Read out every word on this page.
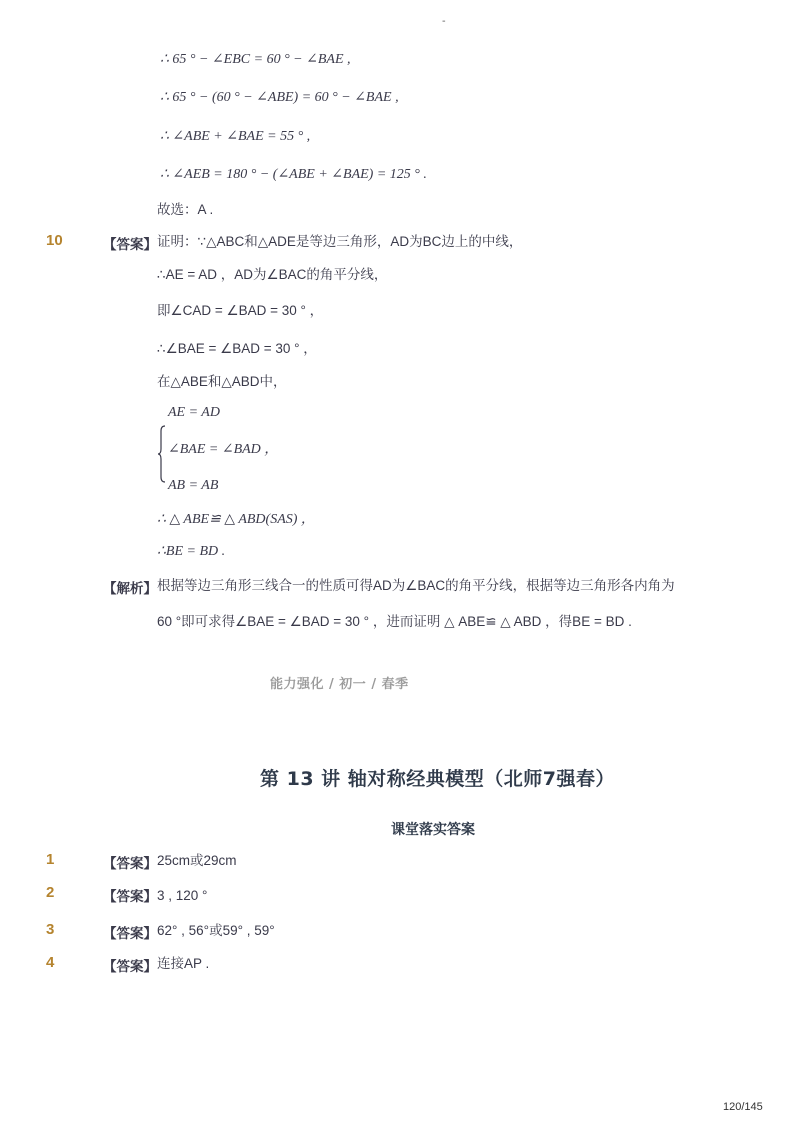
-
∴ 65 ° − ∠EBC = 60 ° − ∠BAE ,
∴ 65 ° − (60 ° − ∠ABE) = 60 ° − ∠BAE ,
∴ ∠ABE + ∠BAE = 55 ° ,
∴ ∠AEB = 180 ° − (∠ABE + ∠BAE) = 125 ° .
故选：A .
10	【答案】 证明：∵△ABC和△ADE是等边三角形，AD为BC边上的中线，
∴AE = AD ，AD为∠BAC的角平分线，
即∠CAD = ∠BAD = 30 ° ，
∴∠BAE = ∠BAD = 30 ° ，
在△ABE和△ABD中，
AE = AD
∠BAE = ∠BAD ，
AB = AB
∴ △ ABE≌ △ ABD(SAS) ，
∴BE = BD .
【解析】 根据等边三角形三线合一的性质可得AD为∠BAC的角平分线，根据等边三角形各内角为
60 °即可求得∠BAE = ∠BAD = 30 ° ，进而证明 △ ABE≌ △ ABD ，得BE = BD .
能力强化 / 初一 / 春季
第 13 讲 轴对称经典模型（北师7强春）
课堂落实答案
1	【答案】 25cm或29cm
2	【答案】 3 , 120 °
3	【答案】 62° , 56°或59° , 59°
4	【答案】 连接AP .
120/145
